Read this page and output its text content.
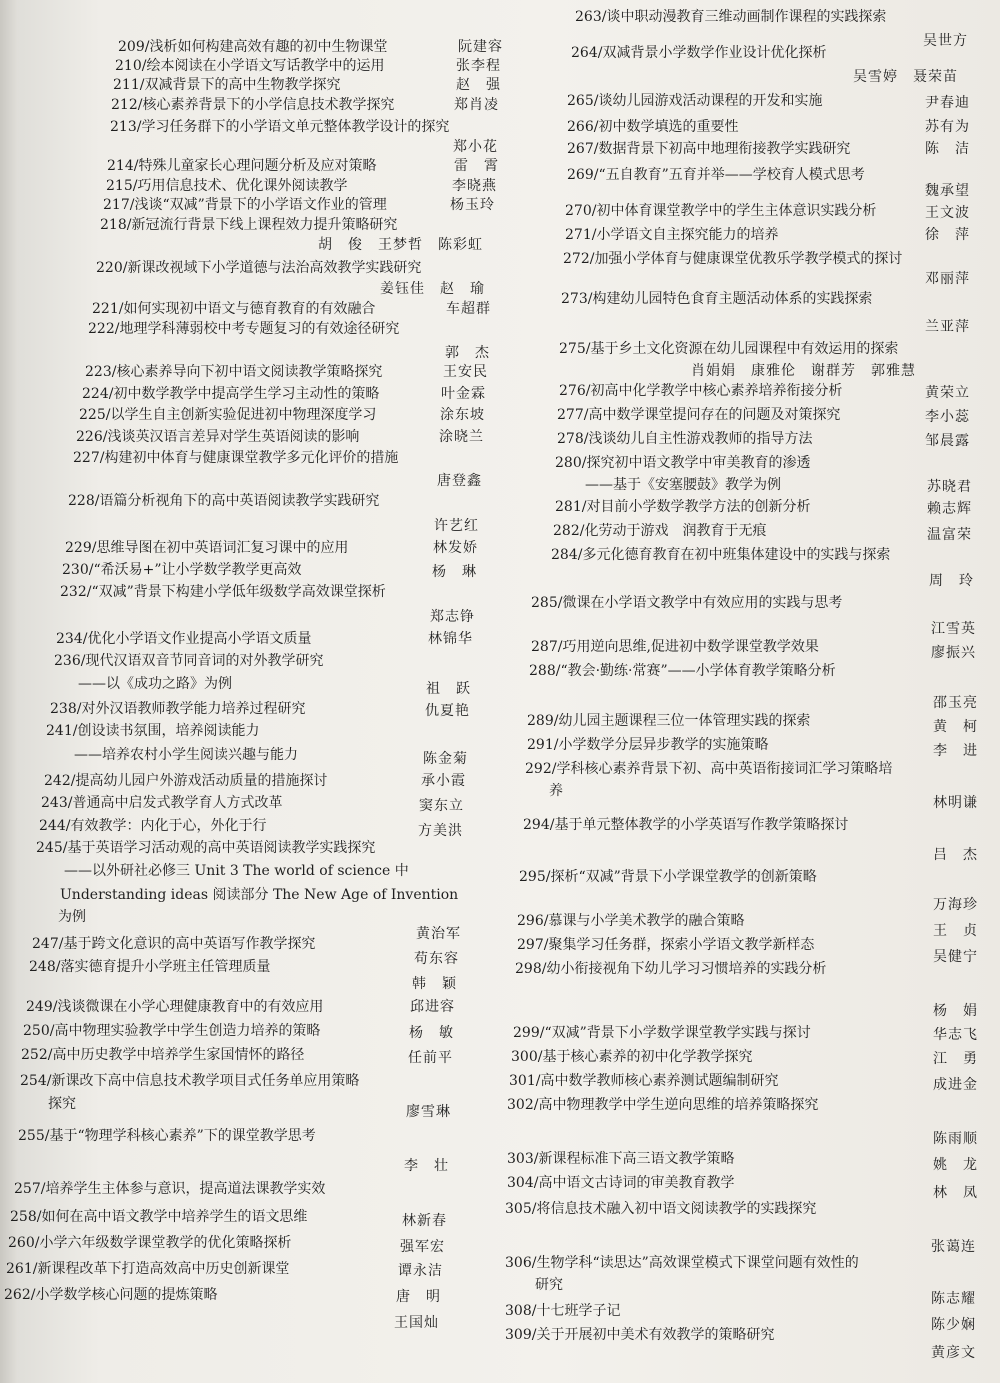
209/浅析如何构建高效有趣的初中生物课堂	阮建容
210/绘本阅读在小学语文写话教学中的运用	张李程
211/双减背景下的高中生物教学探究	赵　强
212/核心素养背景下的小学信息技术教学探究	郑肖凌
213/学习任务群下的小学语文单元整体教学设计的探究
郑小花
214/特殊儿童家长心理问题分析及应对策略	雷　霄
215/巧用信息技术、优化课外阅读教学	李晓燕
217/浅谈“双减”背景下的小学语文作业的管理	杨玉玲
218/新冠流行背景下线上课程效力提升策略研究
胡　俊　王梦哲　陈彩虹
220/新课改视域下小学道德与法治高效教学实践研究
姜钰佳　赵　瑜
221/如何实现初中语文与德育教育的有效融合	车超群
222/地理学科薄弱校中考专题复习的有效途径研究
郭　杰
223/核心素养导向下初中语文阅读教学策略探究	王安民
224/初中数学教学中提高学生学习主动性的策略	叶金霖
225/以学生自主创新实验促进初中物理深度学习	涂东坡
226/浅谈英汉语言差异对学生英语阅读的影响	涂晓兰
227/构建初中体育与健康课堂教学多元化评价的措施
唐登鑫
228/语篇分析视角下的高中英语阅读教学实践研究
许艺红
229/思维导图在初中英语词汇复习课中的应用	林发娇
230/“希沃易+”让小学数学教学更高效	杨　琳
232/“双减”背景下构建小学低年级数学高效课堂探析
郑志铮
234/优化小学语文作业提高小学语文质量	林锦华
236/现代汉语双音节同音词的对外教学研究
——以《成功之路》为例	祖　跃
238/对外汉语教师教学能力培养过程研究	仇夏艳
241/创设读书氛围，培养阅读能力
——培养农村小学生阅读兴趣与能力	陈金菊
242/提高幼儿园户外游戏活动质量的措施探讨	承小霞
243/普通高中启发式教学育人方式改革	窦东立
244/有效教学：内化于心，外化于行	方美洪
245/基于英语学习活动观的高中英语阅读教学实践探究
——以外研社必修三 Unit 3 The world of science 中
Understanding ideas 阅读部分 The New Age of Invention
为例
黄治军
247/基于跨文化意识的高中英语写作教学探究
苟东容
248/落实德育提升小学班主任管理质量
韩　颖
249/浅谈微课在小学心理健康教育中的有效应用	邱进容
250/高中物理实验教学中学生创造力培养的策略	杨　敏
252/高中历史教学中培养学生家国情怀的路径	任前平
254/新课改下高中信息技术教学项目式任务单应用策略
探究	廖雪琳
255/基于“物理学科核心素养”下的课堂教学思考
李　壮
257/培养学生主体参与意识，提高道法课教学实效
林新春
258/如何在高中语文教学中培养学生的语文思维
强军宏
260/小学六年级数学课堂教学的优化策略探析
谭永洁
261/新课程改革下打造高效高中历史创新课堂
唐　明
262/小学数学核心问题的提炼策略
王国灿
263/谈中职动漫教育三维动画制作课程的实践探索
吴世方
264/双减背景小学数学作业设计优化探析
吴雪婷　聂荣苗
265/谈幼儿园游戏活动课程的开发和实施	尹春迪
266/初中数学填选的重要性	苏有为
267/数据背景下初高中地理衔接教学实践研究	陈　洁
269/“五自教育”五育并举——学校育人模式思考
魏承望
270/初中体育课堂教学中的学生主体意识实践分析	王文波
271/小学语文自主探究能力的培养	徐　萍
272/加强小学体育与健康课堂优教乐学教学模式的探讨
邓丽萍
273/构建幼儿园特色食育主题活动体系的实践探索
兰亚萍
275/基于乡土文化资源在幼儿园课程中有效运用的探索
肖娟娟　康雅伦　谢群芳　郭雅慧
276/初高中化学教学中核心素养培养衔接分析	黄荣立
277/高中数学课堂提问存在的问题及对策探究	李小蕊
278/浅谈幼儿自主性游戏教师的指导方法	邹晨露
280/探究初中语文教学中审美教育的渗透
——基于《安塞腰鼓》教学为例	苏晓君
281/对目前小学数学教学方法的创新分析	赖志辉
282/化劳动于游戏　润教育于无痕	温富荣
284/多元化德育教育在初中班集体建设中的实践与探索
周　玲
285/微课在小学语文教学中有效应用的实践与思考
江雪英
287/巧用逆向思维,促进初中数学课堂教学效果	廖振兴
288/“教会·勤练·常赛”——小学体育教学策略分析
邵玉亮
289/幼儿园主题课程三位一体管理实践的探索	黄　柯
291/小学数学分层异步教学的实施策略	李　进
292/学科核心素养背景下初、高中英语衔接词汇学习策略培
养
林明谦
294/基于单元整体教学的小学英语写作教学策略探讨
吕　杰
295/探析“双减”背景下小学课堂教学的创新策略
万海珍
296/慕课与小学美术教学的融合策略
王　贞
297/聚集学习任务群，探索小学语文教学新样态
吴健宁
298/幼小衔接视角下幼儿学习习惯培养的实践分析
杨　娟
299/“双减”背景下小学数学课堂教学实践与探讨	华志飞
300/基于核心素养的初中化学教学探究	江　勇
301/高中数学教师核心素养测试题编制研究	成进金
302/高中物理教学中学生逆向思维的培养策略探究
陈雨顺
303/新课程标准下高三语文教学策略	姚　龙
304/高中语文古诗词的审美教育教学
林　凤
305/将信息技术融入初中语文阅读教学的实践探究
张蔼连
306/生物学科“读思达”高效课堂模式下课堂问题有效性的
研究
陈志耀
308/十七班学子记
陈少娴
309/关于开展初中美术有效教学的策略研究
黄彦文
